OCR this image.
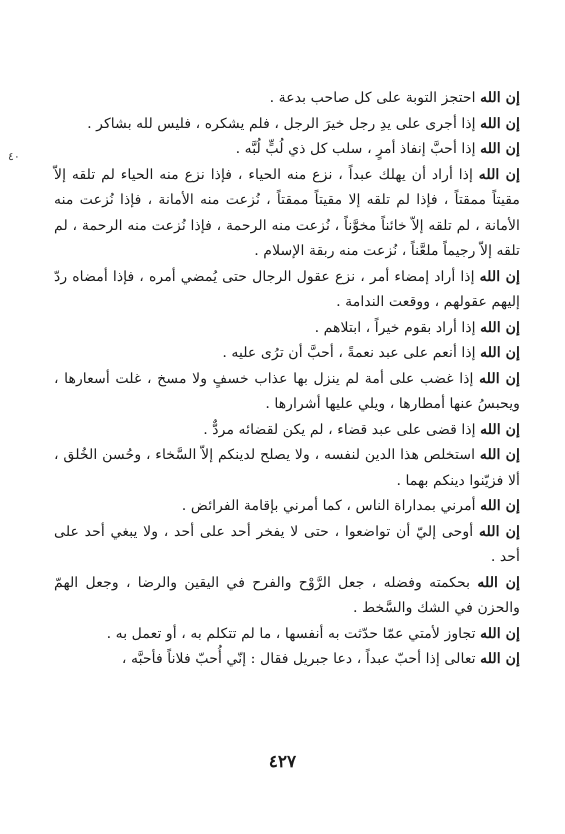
٤٠

إن الله احتجز التوبة على كل صاحب بدعة .

إن الله إذا أجرى على يدِ رجل خيرَ الرجل ، فلم يشكره ، فليس لله بشاكر .

إن الله إذا أحبَّ إنفاذ أمرٍ ، سلب كل ذي لُبٍّ لُبَّه .

إن الله إذا أراد أن يهلك عبداً ، نزع منه الحياء ، فإذا نزع منه الحياء لم تلقه إلاّ مقيتاً ممقتاً ، فإذا لم تلقه إلا مقيتاً ممقتاً ، نُزعت منه الأمانة ، فإذا نُزعت منه الأمانة ، لم تلقه إلاّ خائناً مخوَّناً ، نُزعت منه الرحمة ، فإذا نُزعت منه الرحمة ، لم تلقه إلاّ رجيماً ملعَّناً ، نُزعت منه ربقة الإسلام .

إن الله إذا أراد إمضاء أمر ، نزع عقول الرجال حتى يُمضي أمره ، فإذا أمضاه ردّ إليهم عقولهم ، ووقعت الندامة .

إن الله إذا أراد بقوم خيراً ، ابتلاهم .

إن الله إذا أنعم على عبد نعمةً ، أحبَّ أن ترُى عليه .

إن الله إذا غضب على أمة لم ينزل بها عذاب خسفٍ ولا مسخ ، غلت أسعارها ، ويحبسُ عنها أمطارها ، ويلي عليها أشرارها .

إن الله إذا قضى على عبد قضاء ، لم يكن لقضائه مردٌّ .

إن الله استخلص هذا الدين لنفسه ، ولا يصلح لدينكم إلاّ السَّخاء ، وحُسن الخُلق ، ألا فزيّنوا دينكم بهما .

إن الله أمرني بمداراة الناس ، كما أمرني بإقامة الفرائض .

إن الله أوحى إليّ أن تواضعوا ، حتى لا يفخر أحد على أحد ، ولا يبغي أحد على أحد .

إن الله بحكمته وفضله ، جعل الرَّوْح والفرح في اليقين والرضا ، وجعل الهمّ والحزن في الشك والسَّخط .

إن الله تجاوز لأمتي عمّا حدّثت به أنفسها ، ما لم تتكلم به ، أو تعمل به .

إن الله تعالى إذا أحبّ عبداً ، دعا جبريل فقال : إنّي أُحبّ فلاناً فأحبَّه ،

٤٢٧
